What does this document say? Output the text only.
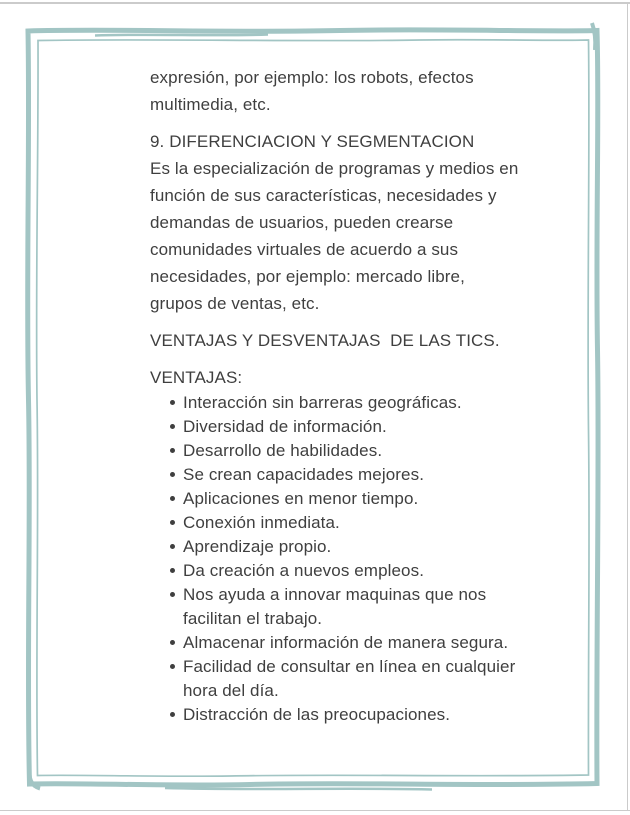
expresión, por ejemplo: los robots, efectos
multimedia, etc.
9. DIFERENCIACION Y SEGMENTACION
Es la especialización de programas y medios en
función de sus características, necesidades y
demandas de usuarios, pueden crearse
comunidades virtuales de acuerdo a sus
necesidades, por ejemplo: mercado libre,
grupos de ventas, etc.
VENTAJAS Y DESVENTAJAS  DE LAS TICS.
VENTAJAS:
Interacción sin barreras geográficas.
Diversidad de información.
Desarrollo de habilidades.
Se crean capacidades mejores.
Aplicaciones en menor tiempo.
Conexión inmediata.
Aprendizaje propio.
Da creación a nuevos empleos.
Nos ayuda a innovar maquinas que nos facilitan el trabajo.
Almacenar información de manera segura.
Facilidad de consultar en línea en cualquier hora del día.
Distracción de las preocupaciones.
